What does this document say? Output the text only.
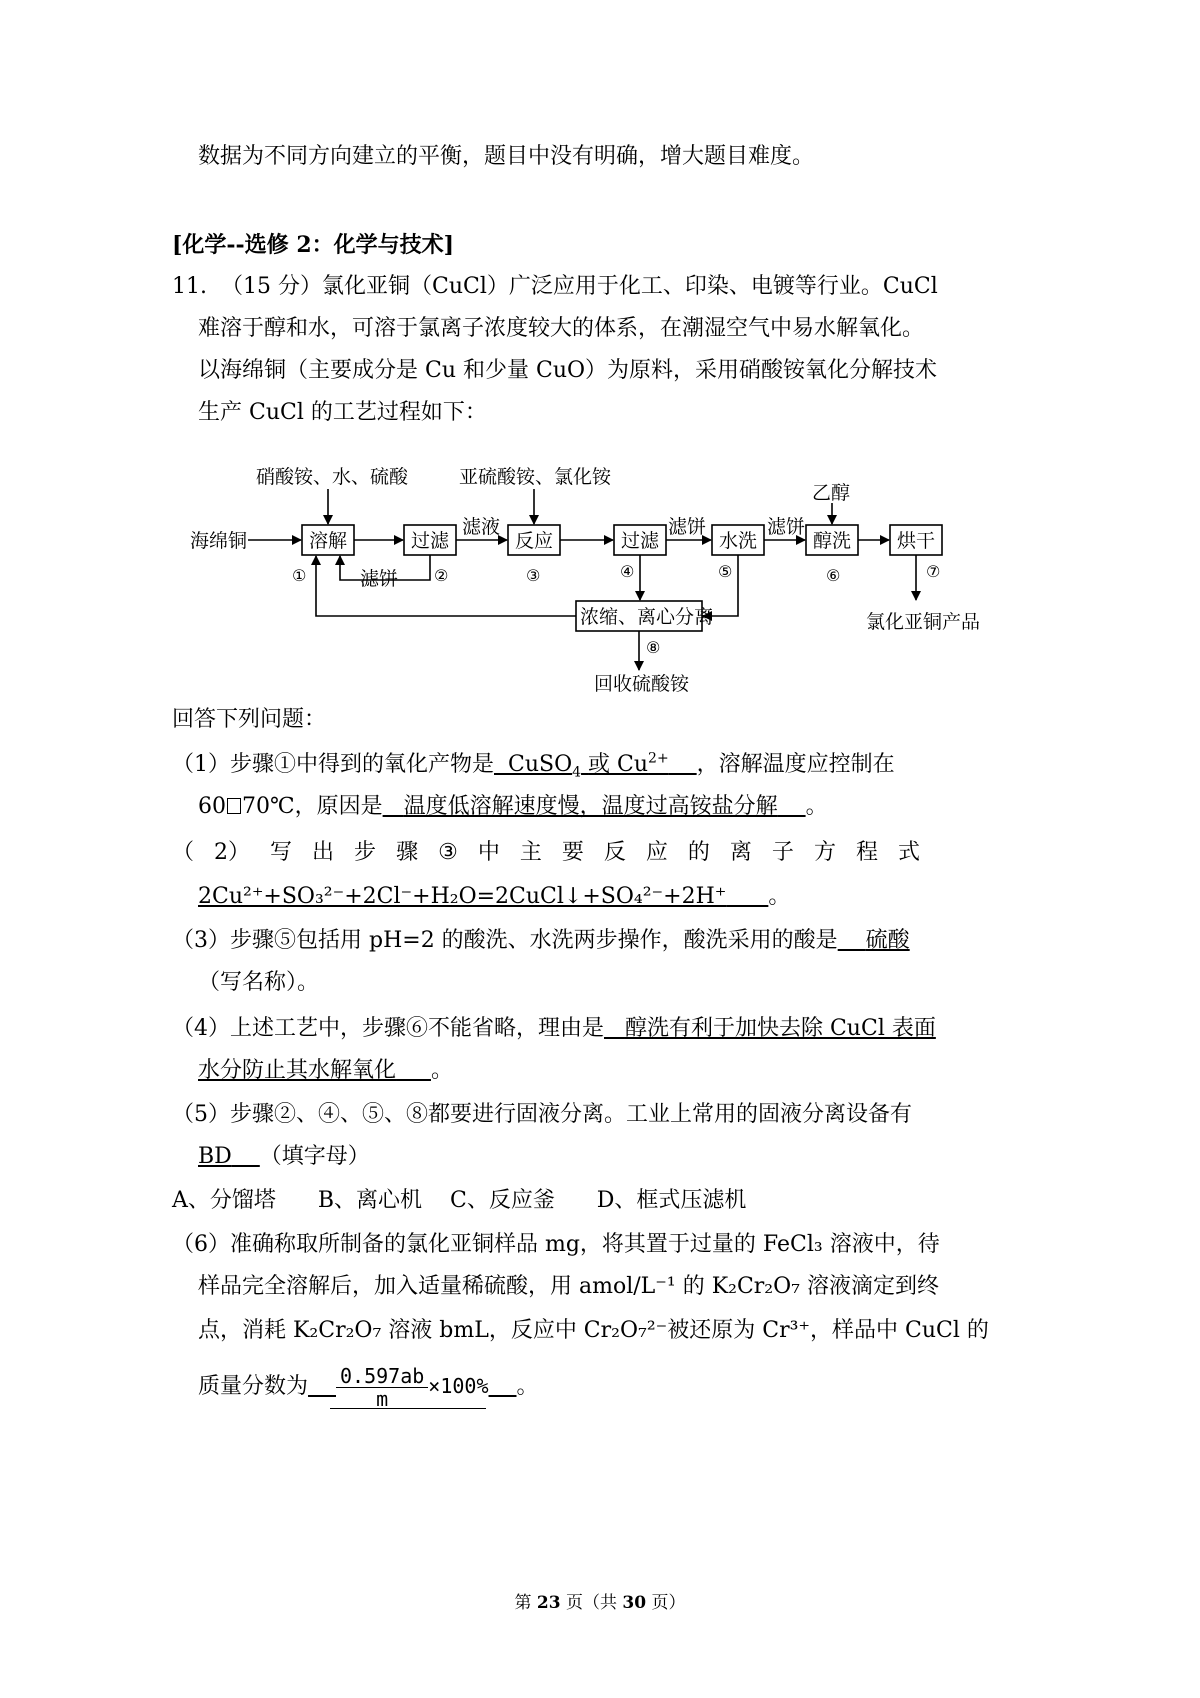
数据为不同方向建立的平衡，题目中没有明确，增大题目难度。
[化学--选修 2：化学与技术]
11. （15 分）氯化亚铜（CuCl）广泛应用于化工、印染、电镀等行业。CuCl
难溶于醇和水，可溶于氯离子浓度较大的体系，在潮湿空气中易水解氧化。
以海绵铜（主要成分是 Cu 和少量 CuO）为原料，采用硝酸铵氧化分解技术
生产 CuCl 的工艺过程如下：
硝酸铵、水、硫酸	亚硫酸铵、氯化铵
乙醇
海绵铜	溶解	过滤	反应	过滤	水洗	醇洗 烘干
浓缩、离心分离
滤液
滤饼
滤饼	滤饼
氯化亚铜产品
回收硫酸铵
①	②	③	④	⑤	⑥	⑦
⑧
回答下列问题：
（1）步骤①中得到的氧化产物是 CuSO$_4$ 或 $Cu^{2+}$ ，溶解温度应控制在
60 70℃，原因是 温度低溶解速度慢，温度过高铵盐分解 。
（ 2） 写 出 步 骤 ③ 中 主 要 反 应 的 离 子 方 程 式
2Cu²⁺+SO₃²⁻+2Cl⁻+H₂O=2CuCl↓+SO₄²⁻+2H⁺ 。
（3）步骤⑤包括用 pH=2 的酸洗、水洗两步操作，酸洗采用的酸是 硫酸
（写名称）。
（4）上述工艺中，步骤⑥不能省略，理由是 醇洗有利于加快去除 CuCl 表面
水分防止其水解氧化 。
（5）步骤②、④、⑤、⑧都要进行固液分离。工业上常用的固液分离设备有
BD （填字母）
A、分馏塔      B、离心机    C、反应釜      D、框式压滤机
（6）准确称取所制备的氯化亚铜样品 mg，将其置于过量的 FeCl₃ 溶液中，待
样品完全溶解后，加入适量稀硫酸，用 amol/L⁻¹ 的 K₂Cr₂O₇ 溶液滴定到终
点，消耗 K₂Cr₂O₇ 溶液 bmL，反应中 Cr₂O₇²⁻被还原为 Cr³⁺，样品中 CuCl 的
质量分数为 $\frac{0.597ab}{m} \times 100\%$ 。
第 23 页（共 30 页）
